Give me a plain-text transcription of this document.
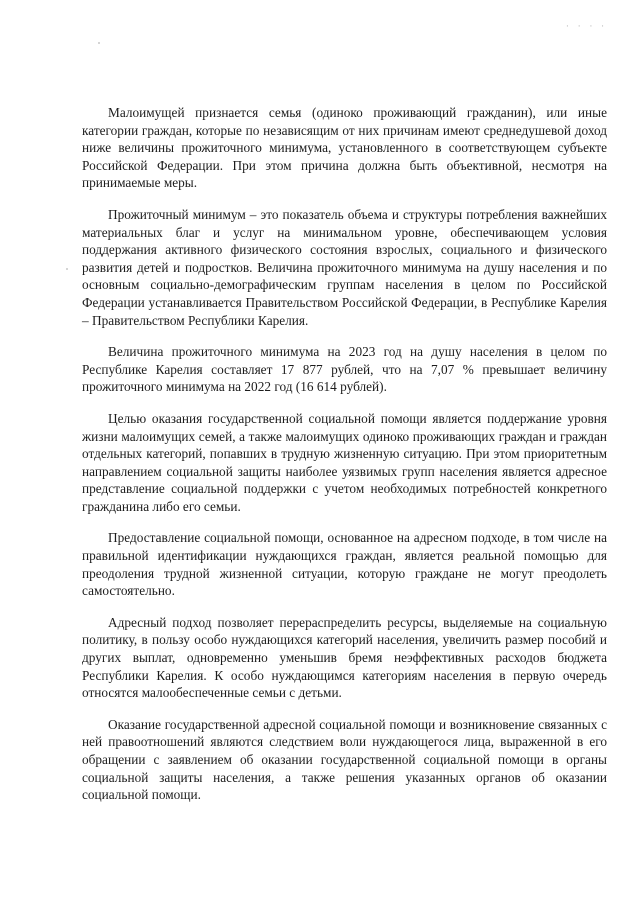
· · · ·

Малоимущей признается семья (одиноко проживающий гражданин), или иные категории граждан, которые по независящим от них причинам имеют среднедушевой доход ниже величины прожиточного минимума, установленного в соответствующем субъекте Российской Федерации. При этом причина должна быть объективной, несмотря на принимаемые меры.

Прожиточный минимум – это показатель объема и структуры потребления важнейших материальных благ и услуг на минимальном уровне, обеспечивающем условия поддержания активного физического состояния взрослых, социального и физического развития детей и подростков. Величина прожиточного минимума на душу населения и по основным социально-демографическим группам населения в целом по Российской Федерации устанавливается Правительством Российской Федерации, в Республике Карелия – Правительством Республики Карелия.

Величина прожиточного минимума на 2023 год на душу населения в целом по Республике Карелия составляет 17 877 рублей, что на 7,07 % превышает величину прожиточного минимума на 2022 год (16 614 рублей).

Целью оказания государственной социальной помощи является поддержание уровня жизни малоимущих семей, а также малоимущих одиноко проживающих граждан и граждан отдельных категорий, попавших в трудную жизненную ситуацию. При этом приоритетным направлением социальной защиты наиболее уязвимых групп населения является адресное представление социальной поддержки с учетом необходимых потребностей конкретного гражданина либо его семьи.

Предоставление социальной помощи, основанное на адресном подходе, в том числе на правильной идентификации нуждающихся граждан, является реальной помощью для преодоления трудной жизненной ситуации, которую граждане не могут преодолеть самостоятельно.

Адресный подход позволяет перераспределить ресурсы, выделяемые на социальную политику, в пользу особо нуждающихся категорий населения, увеличить размер пособий и других выплат, одновременно уменьшив бремя неэффективных расходов бюджета Республики Карелия. К особо нуждающимся категориям населения в первую очередь относятся малообеспеченные семьи с детьми.

Оказание государственной адресной социальной помощи и возникновение связанных с ней правоотношений являются следствием воли нуждающегося лица, выраженной в его обращении с заявлением об оказании государственной социальной помощи в органы социальной защиты населения, а также решения указанных органов об оказании социальной помощи.
